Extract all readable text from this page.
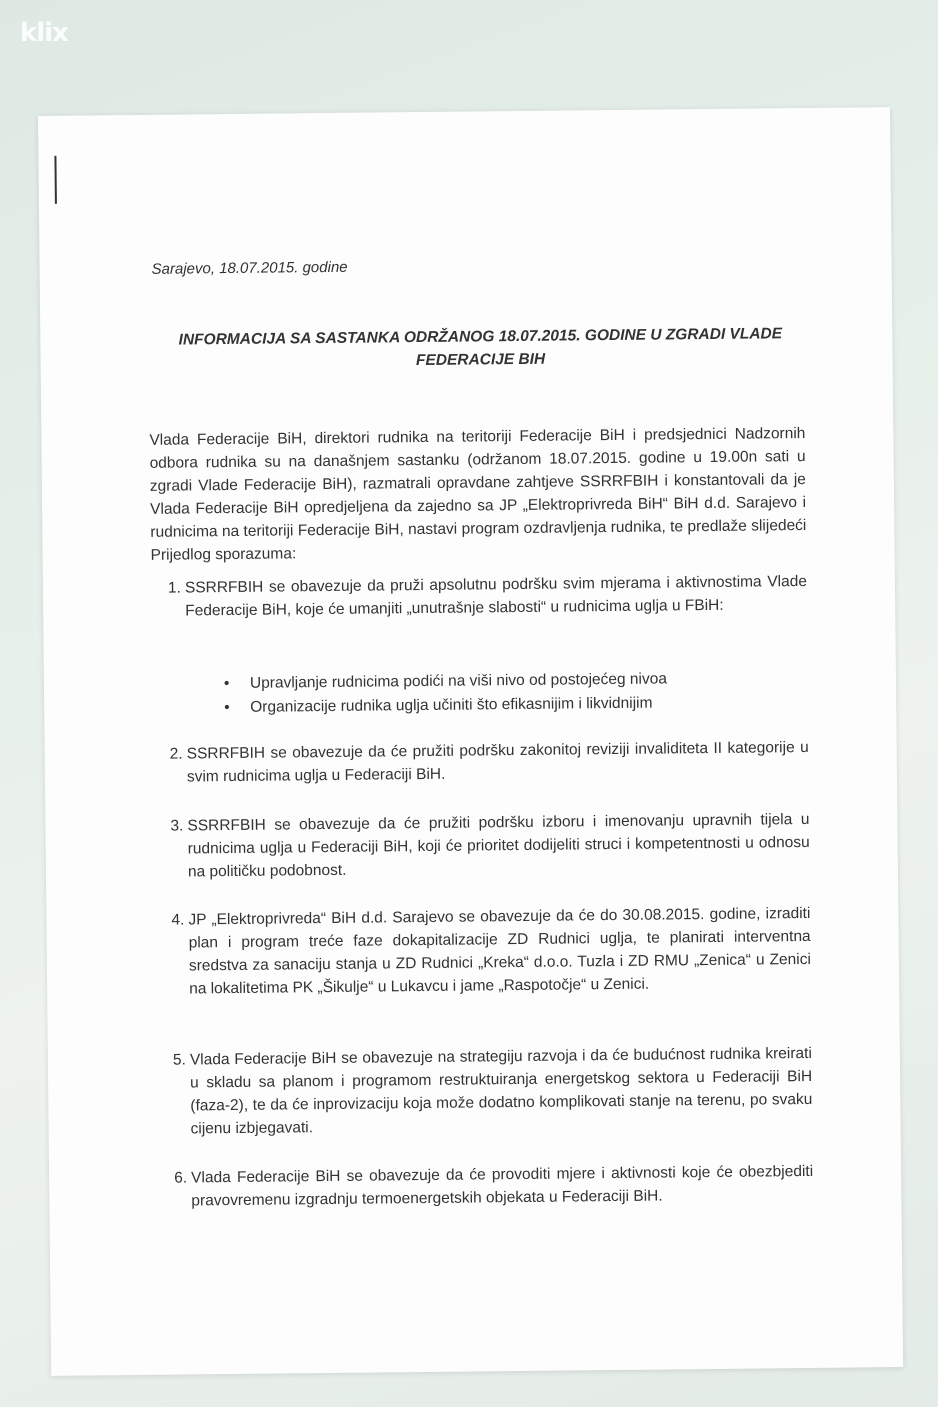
klix
Sarajevo, 18.07.2015. godine
INFORMACIJA SA SASTANKA ODRŽANOG 18.07.2015. GODINE U ZGRADI VLADE FEDERACIJE BIH
Vlada Federacije BiH, direktori rudnika na teritoriji Federacije BiH i predsjednici Nadzornih odbora rudnika su na današnjem sastanku (održanom 18.07.2015. godine u 19.00n sati u zgradi Vlade Federacije BiH), razmatrali opravdane zahtjeve SSRRFBIH i konstantovali da je Vlada Federacije BiH opredjeljena da zajedno sa JP „Elektroprivreda BiH“ BiH d.d. Sarajevo i rudnicima na teritoriji Federacije BiH, nastavi program ozdravljenja rudnika, te predlaže slijedeći Prijedlog sporazuma:
1. SSRRFBIH se obavezuje da pruži apsolutnu podršku svim mjerama i aktivnostima Vlade Federacije BiH, koje će umanjiti „unutrašnje slabosti“ u rudnicima uglja u FBiH:
• Upravljanje rudnicima podići na viši nivo od postojećeg nivoa
• Organizacije rudnika uglja učiniti što efikasnijim i likvidnijim
2. SSRRFBIH se obavezuje da će pružiti podršku zakonitoj reviziji invaliditeta II kategorije u svim rudnicima uglja u Federaciji BiH.
3. SSRRFBIH se obavezuje da će pružiti podršku izboru i imenovanju upravnih tijela u rudnicima uglja u Federaciji BiH, koji će prioritet dodijeliti struci i kompetentnosti u odnosu na političku podobnost.
4. JP „Elektroprivreda“ BiH d.d. Sarajevo se obavezuje da će do 30.08.2015. godine, izraditi plan i program treće faze dokapitalizacije ZD Rudnici uglja, te planirati interventna sredstva za sanaciju stanja u ZD Rudnici „Kreka“ d.o.o. Tuzla i ZD RMU „Zenica“ u Zenici na lokalitetima PK „Šikulje“ u Lukavcu i jame „Raspotočje“ u Zenici.
5. Vlada Federacije BiH se obavezuje na strategiju razvoja i da će budućnost rudnika kreirati u skladu sa planom i programom restruktuiranja energetskog sektora u Federaciji BiH (faza-2), te da će inprovizaciju koja može dodatno komplikovati stanje na terenu, po svaku cijenu izbjegavati.
6. Vlada Federacije BiH se obavezuje da će provoditi mjere i aktivnosti koje će obezbjediti pravovremenu izgradnju termoenergetskih objekata u Federaciji BiH.
